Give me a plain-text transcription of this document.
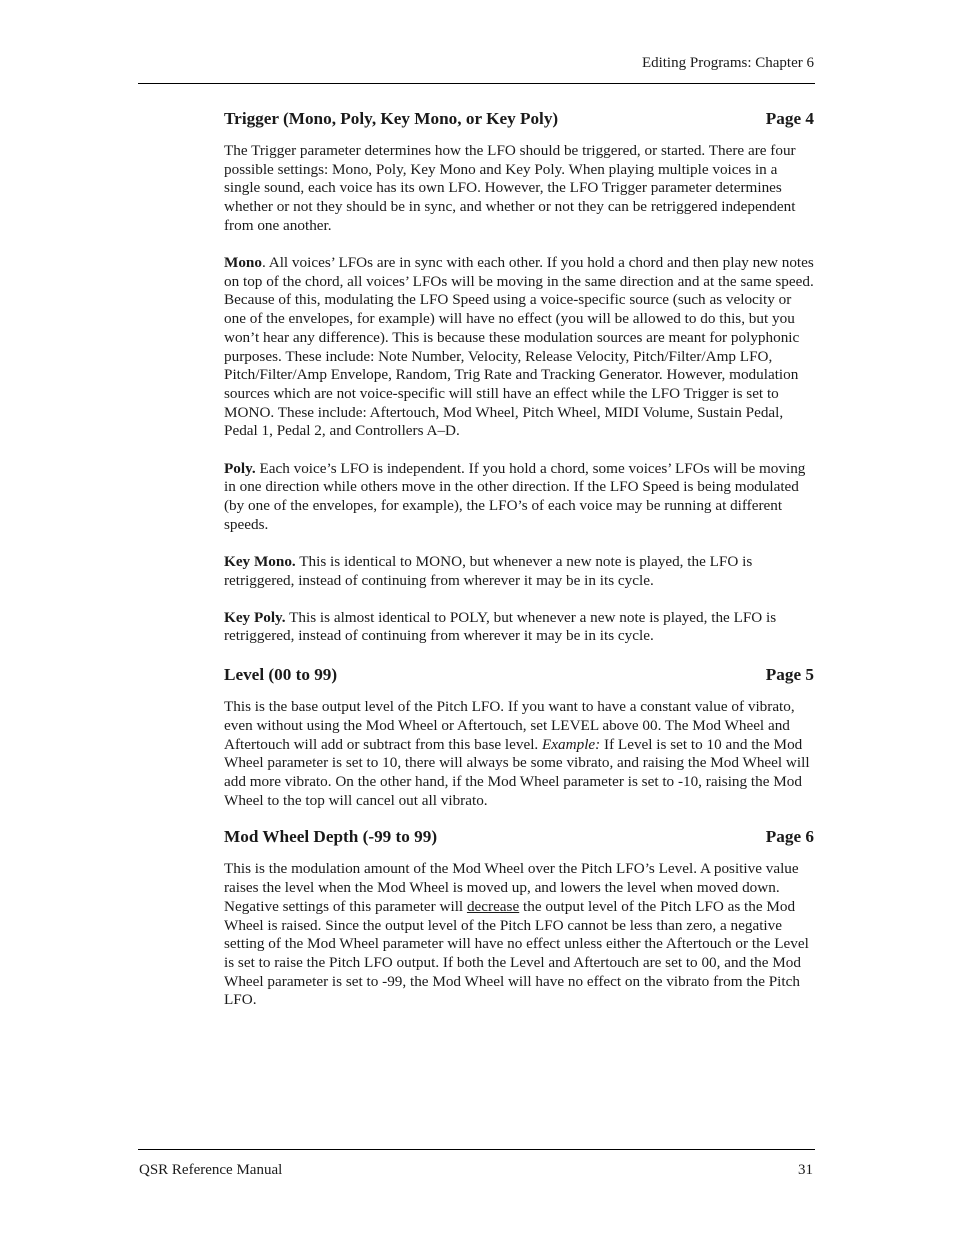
Editing Programs: Chapter 6
Trigger (Mono, Poly, Key Mono, or Key Poly)	Page 4

The Trigger parameter determines how the LFO should be triggered, or started. There are four possible settings: Mono, Poly, Key Mono and Key Poly. When playing multiple voices in a single sound, each voice has its own LFO. However, the LFO Trigger parameter determines whether or not they should be in sync, and whether or not they can be retriggered independent from one another.

Mono. All voices’ LFOs are in sync with each other. If you hold a chord and then play new notes on top of the chord, all voices’ LFOs will be moving in the same direction and at the same speed. Because of this, modulating the LFO Speed using a voice-specific source (such as velocity or one of the envelopes, for example) will have no effect (you will be allowed to do this, but you won’t hear any difference). This is because these modulation sources are meant for polyphonic purposes. These include: Note Number, Velocity, Release Velocity, Pitch/Filter/Amp LFO, Pitch/Filter/Amp Envelope, Random, Trig Rate and Tracking Generator. However, modulation sources which are not voice-specific will still have an effect while the LFO Trigger is set to MONO. These include: Aftertouch, Mod Wheel, Pitch Wheel, MIDI Volume, Sustain Pedal, Pedal 1, Pedal 2, and Controllers A–D.

Poly. Each voice’s LFO is independent. If you hold a chord, some voices’ LFOs will be moving in one direction while others move in the other direction. If the LFO Speed is being modulated (by one of the envelopes, for example), the LFO’s of each voice may be running at different speeds.

Key Mono. This is identical to MONO, but whenever a new note is played, the LFO is retriggered, instead of continuing from wherever it may be in its cycle.

Key Poly. This is almost identical to POLY, but whenever a new note is played, the LFO is retriggered, instead of continuing from wherever it may be in its cycle.

Level (00 to 99)	Page 5

This is the base output level of the Pitch LFO. If you want to have a constant value of vibrato, even without using the Mod Wheel or Aftertouch, set LEVEL above 00. The Mod Wheel and Aftertouch will add or subtract from this base level. Example: If Level is set to 10 and the Mod Wheel parameter is set to 10, there will always be some vibrato, and raising the Mod Wheel will add more vibrato. On the other hand, if the Mod Wheel parameter is set to -10, raising the Mod Wheel to the top will cancel out all vibrato.

Mod Wheel Depth (-99 to 99)	Page 6

This is the modulation amount of the Mod Wheel over the Pitch LFO’s Level. A positive value raises the level when the Mod Wheel is moved up, and lowers the level when moved down. Negative settings of this parameter will decrease the output level of the Pitch LFO as the Mod Wheel is raised. Since the output level of the Pitch LFO cannot be less than zero, a negative setting of the Mod Wheel parameter will have no effect unless either the Aftertouch or the Level is set to raise the Pitch LFO output. If both the Level and Aftertouch are set to 00, and the Mod Wheel parameter is set to -99, the Mod Wheel will have no effect on the vibrato from the Pitch LFO.

QSR Reference Manual	31
